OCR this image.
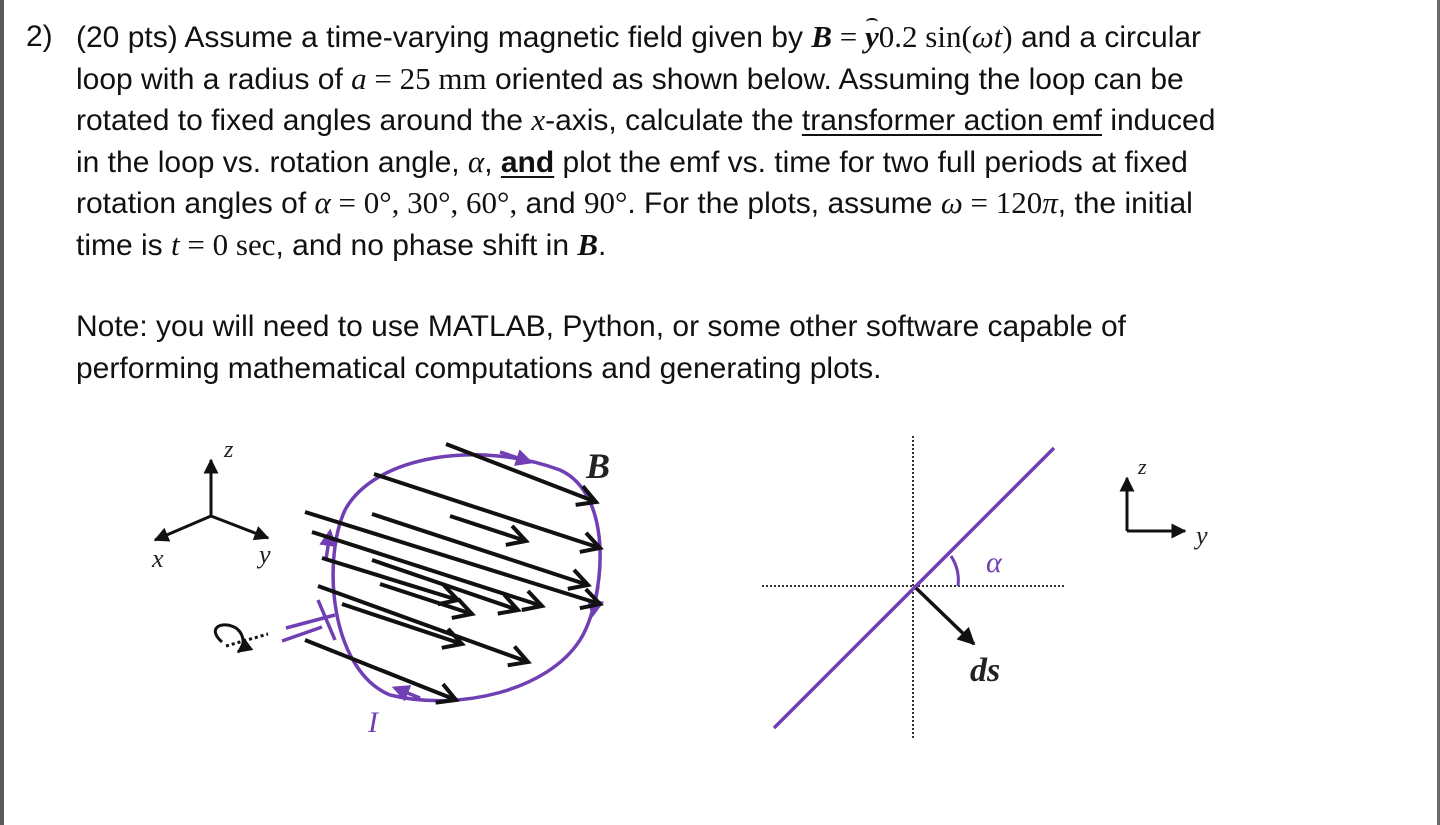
2) (20 pts) Assume a time-varying magnetic field given by B = y0.2 sin(ωt) and a circular
loop with a radius of a = 25 mm oriented as shown below. Assuming the loop can be
rotated to fixed angles around the x-axis, calculate the transformer action emf induced
in the loop vs. rotation angle, α, and plot the emf vs. time for two full periods at fixed
rotation angles of α = 0°, 30°, 60°, and 90°. For the plots, assume ω = 120π, the initial
time is t = 0 sec, and no phase shift in B.
Note: you will need to use MATLAB, Python, or some other software capable of
performing mathematical computations and generating plots.
z
x	y
B
I
α
ds
z
y
